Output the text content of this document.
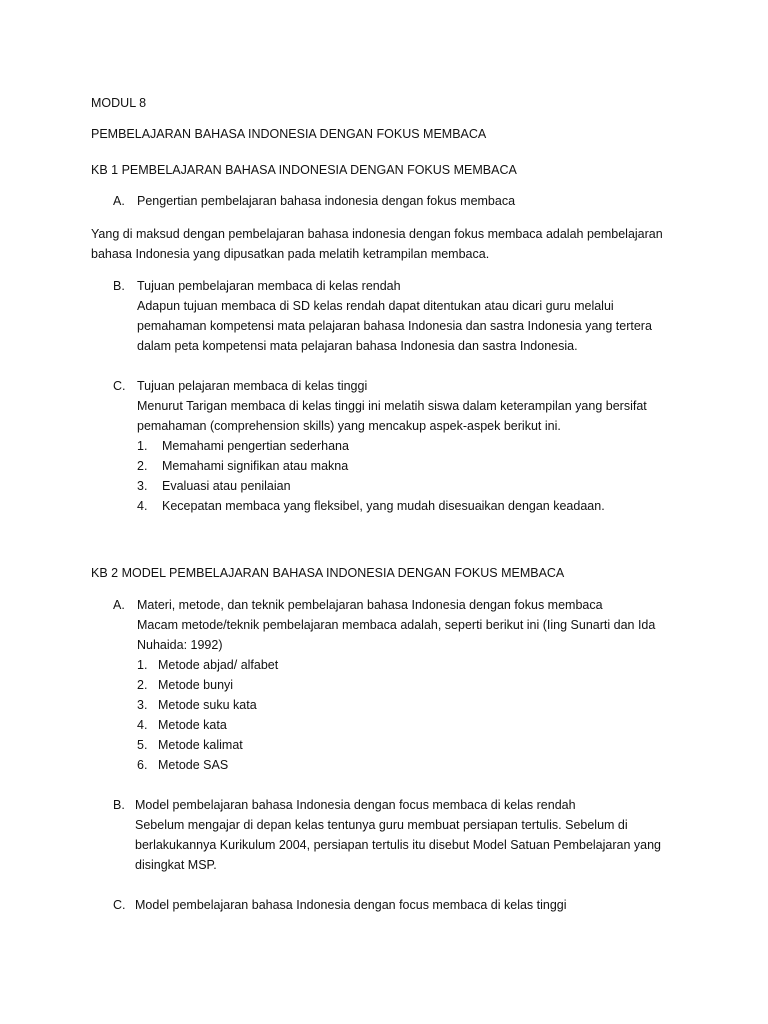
MODUL 8
PEMBELAJARAN BAHASA INDONESIA DENGAN FOKUS MEMBACA
KB 1 PEMBELAJARAN BAHASA INDONESIA DENGAN FOKUS MEMBACA
A. Pengertian pembelajaran bahasa indonesia dengan fokus membaca
Yang di maksud dengan pembelajaran bahasa indonesia dengan fokus membaca adalah pembelajaran
bahasa Indonesia yang dipusatkan pada melatih ketrampilan membaca.
B. Tujuan pembelajaran membaca di kelas rendah
Adapun tujuan membaca di SD kelas rendah dapat ditentukan atau dicari guru melalui
pemahaman kompetensi mata pelajaran bahasa Indonesia dan sastra Indonesia yang tertera
dalam peta kompetensi mata pelajaran bahasa Indonesia dan sastra Indonesia.
C. Tujuan pelajaran membaca di kelas tinggi
Menurut Tarigan membaca di kelas tinggi ini melatih siswa dalam keterampilan yang bersifat
pemahaman (comprehension skills) yang mencakup aspek-aspek berikut ini.
1. Memahami pengertian sederhana
2. Memahami signifikan atau makna
3. Evaluasi atau penilaian
4. Kecepatan membaca yang fleksibel, yang mudah disesuaikan dengan keadaan.
KB 2 MODEL PEMBELAJARAN BAHASA INDONESIA DENGAN FOKUS MEMBACA
A. Materi, metode, dan teknik pembelajaran bahasa Indonesia dengan fokus membaca
Macam metode/teknik pembelajaran membaca adalah, seperti berikut ini (Iing Sunarti dan Ida
Nuhaida: 1992)
1. Metode abjad/ alfabet
2. Metode bunyi
3. Metode suku kata
4. Metode kata
5. Metode kalimat
6. Metode SAS
B. Model pembelajaran bahasa Indonesia dengan focus membaca di kelas rendah
Sebelum mengajar di depan kelas tentunya guru membuat persiapan tertulis. Sebelum di
berlakukannya Kurikulum 2004, persiapan tertulis itu disebut Model Satuan Pembelajaran yang
disingkat MSP.
C. Model pembelajaran bahasa Indonesia dengan focus membaca di kelas tinggi
